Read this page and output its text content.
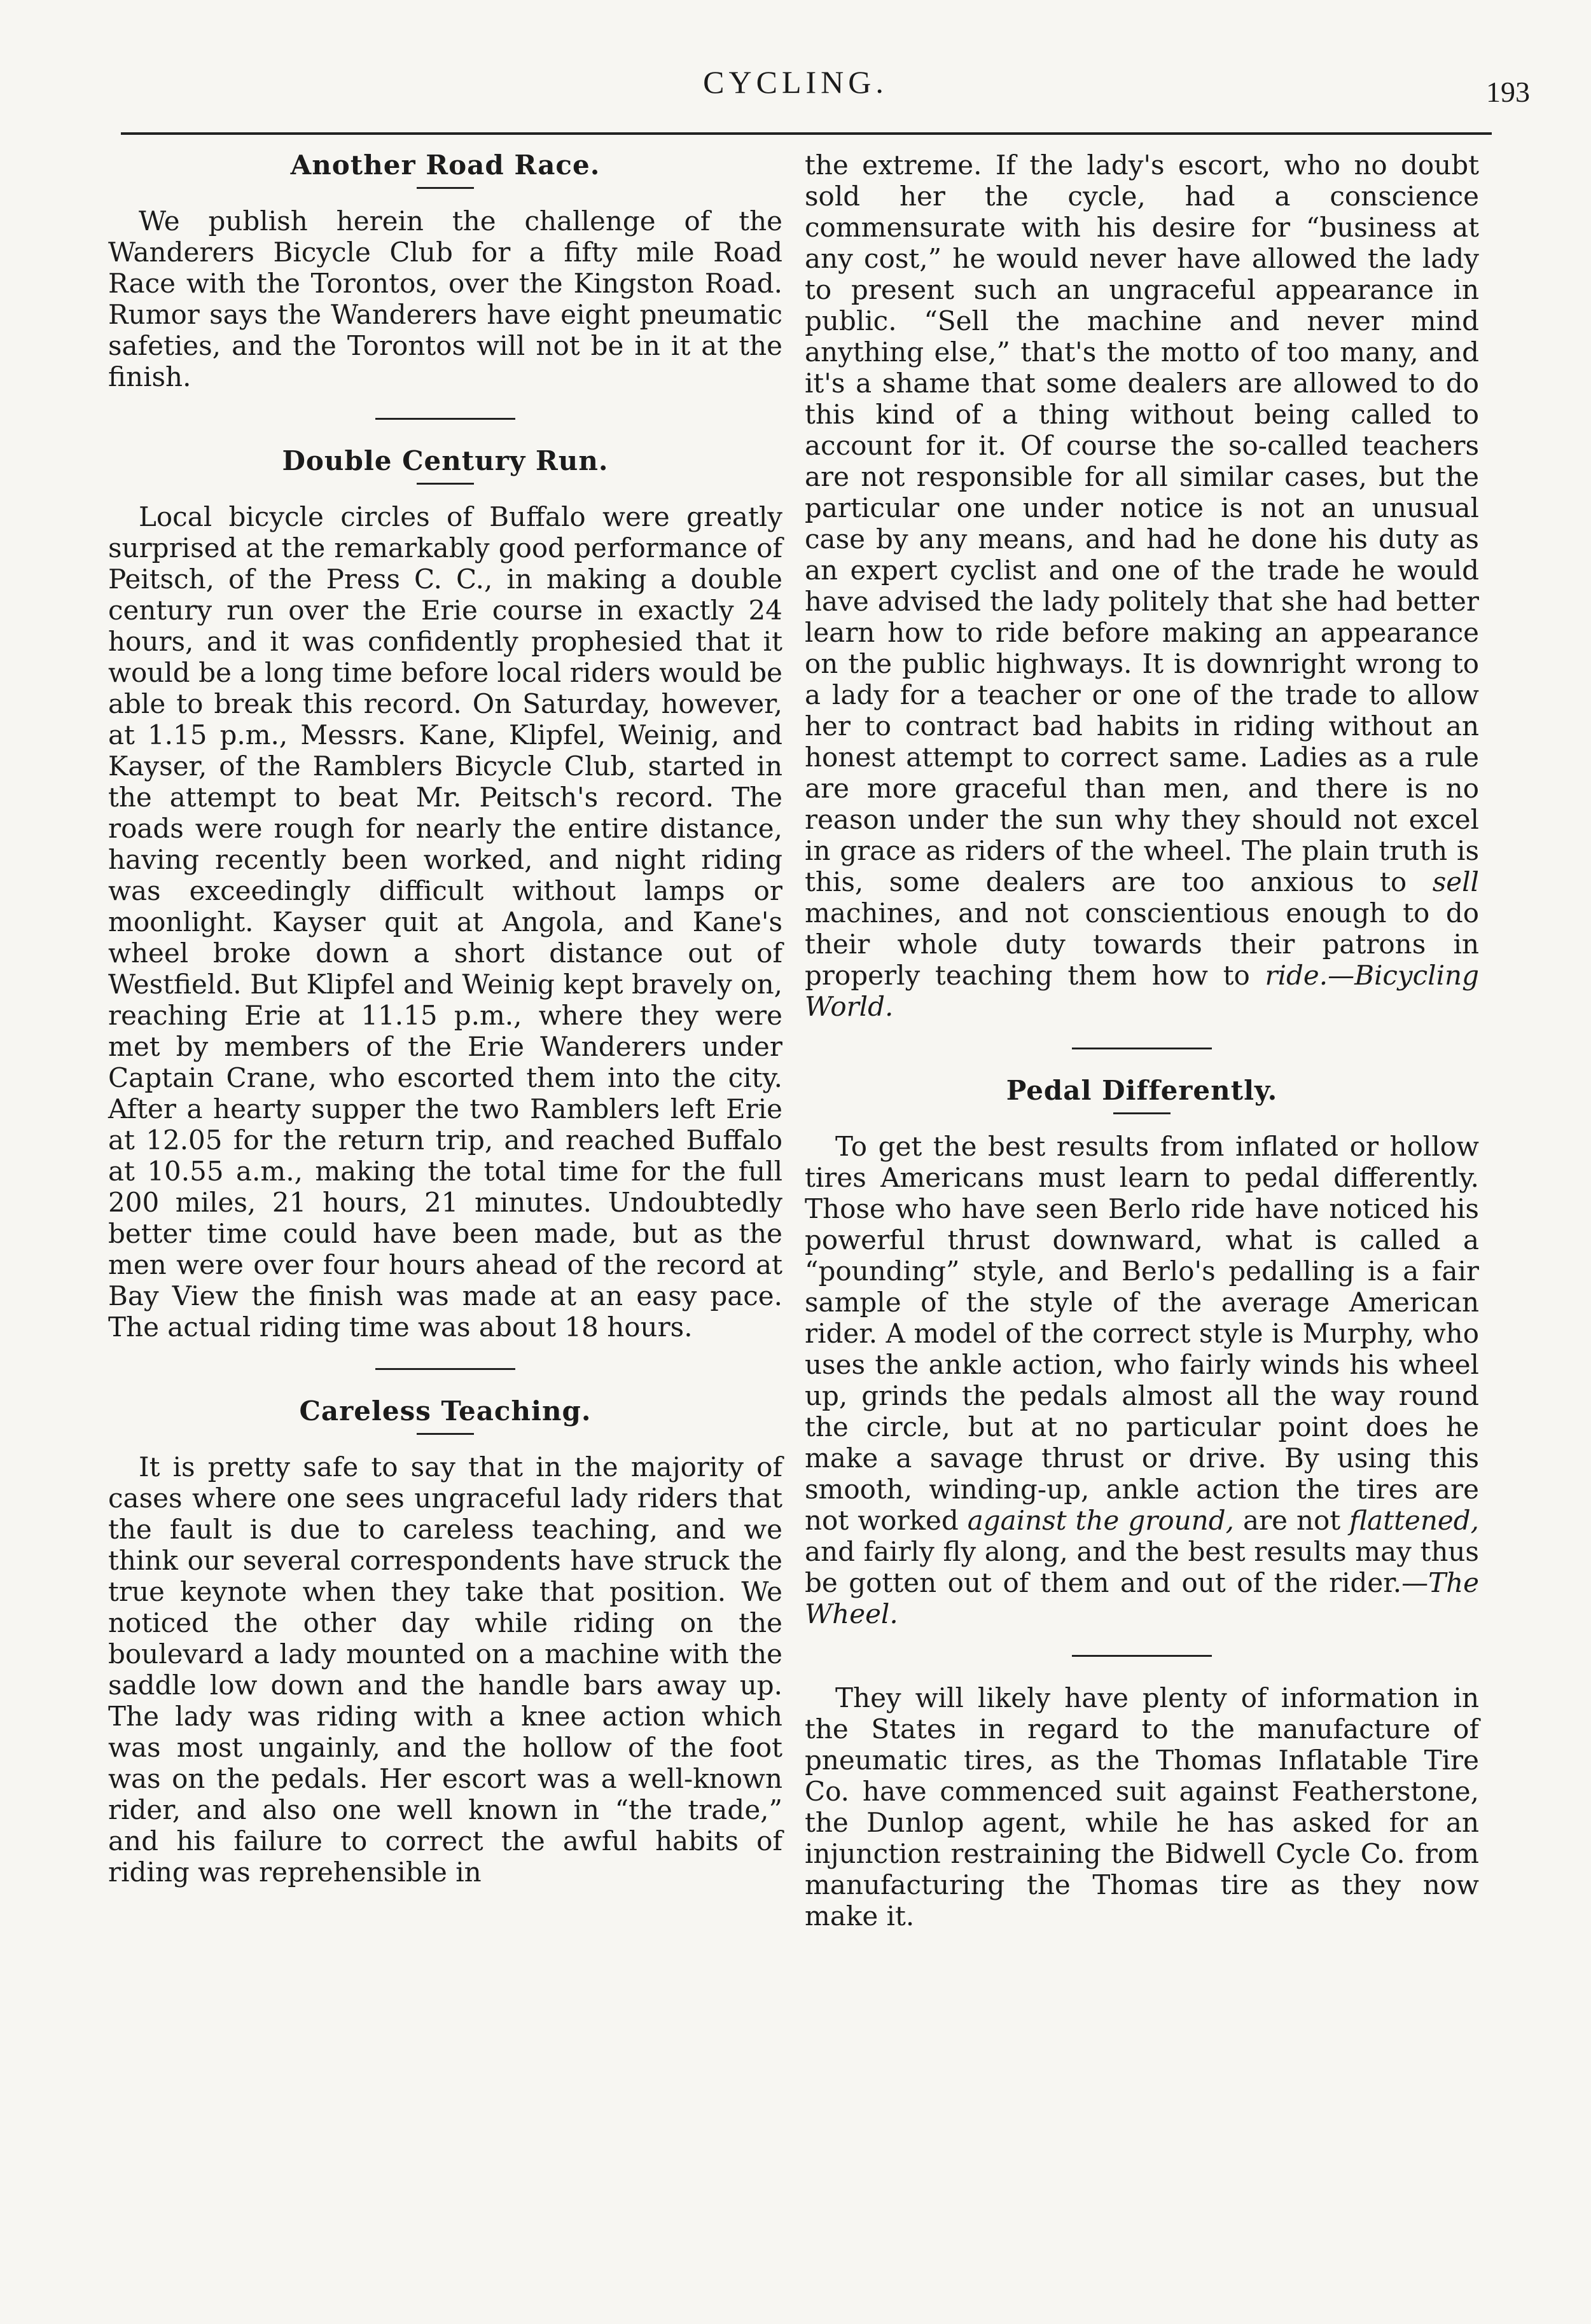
CYCLING.	193
Another Road Race.

We publish herein the challenge of the Wanderers Bicycle Club for a fifty mile Road Race with the Torontos, over the Kingston Road. Rumor says the Wanderers have eight pneumatic safeties, and the Torontos will not be in it at the finish.

Double Century Run.

Local bicycle circles of Buffalo were greatly surprised at the remarkably good performance of Peitsch, of the Press C. C., in making a double century run over the Erie course in exactly 24 hours, and it was confidently prophesied that it would be a long time before local riders would be able to break this record. On Saturday, however, at 1.15 p.m., Messrs. Kane, Klipfel, Weinig, and Kayser, of the Ramblers Bicycle Club, started in the attempt to beat Mr. Peitsch's record. The roads were rough for nearly the entire distance, having recently been worked, and night riding was exceedingly difficult without lamps or moonlight. Kayser quit at Angola, and Kane's wheel broke down a short distance out of Westfield. But Klipfel and Weinig kept bravely on, reaching Erie at 11.15 p.m., where they were met by members of the Erie Wanderers under Captain Crane, who escorted them into the city. After a hearty supper the two Ramblers left Erie at 12.05 for the return trip, and reached Buffalo at 10.55 a.m., making the total time for the full 200 miles, 21 hours, 21 minutes. Undoubtedly better time could have been made, but as the men were over four hours ahead of the record at Bay View the finish was made at an easy pace. The actual riding time was about 18 hours.

Careless Teaching.

It is pretty safe to say that in the majority of cases where one sees ungraceful lady riders that the fault is due to careless teaching, and we think our several correspondents have struck the true keynote when they take that position. We noticed the other day while riding on the boulevard a lady mounted on a machine with the saddle low down and the handle bars away up. The lady was riding with a knee action which was most ungainly, and the hollow of the foot was on the pedals. Her escort was a well-known rider, and also one well known in “the trade,” and his failure to correct the awful habits of riding was reprehensible in

the extreme. If the lady's escort, who no doubt sold her the cycle, had a conscience commensurate with his desire for “business at any cost,” he would never have allowed the lady to present such an ungraceful appearance in public. “Sell the machine and never mind anything else,” that's the motto of too many, and it's a shame that some dealers are allowed to do this kind of a thing without being called to account for it. Of course the so-called teachers are not responsible for all similar cases, but the particular one under notice is not an unusual case by any means, and had he done his duty as an expert cyclist and one of the trade he would have advised the lady politely that she had better learn how to ride before making an appearance on the public highways. It is downright wrong to a lady for a teacher or one of the trade to allow her to contract bad habits in riding without an honest attempt to correct same. Ladies as a rule are more graceful than men, and there is no reason under the sun why they should not excel in grace as riders of the wheel. The plain truth is this, some dealers are too anxious to sell machines, and not conscientious enough to do their whole duty towards their patrons in properly teaching them how to ride.—Bicycling World.

Pedal Differently.

To get the best results from inflated or hollow tires Americans must learn to pedal differently. Those who have seen Berlo ride have noticed his powerful thrust downward, what is called a “pounding” style, and Berlo's pedalling is a fair sample of the style of the average American rider. A model of the correct style is Murphy, who uses the ankle action, who fairly winds his wheel up, grinds the pedals almost all the way round the circle, but at no particular point does he make a savage thrust or drive. By using this smooth, winding-up, ankle action the tires are not worked against the ground, are not flattened, and fairly fly along, and the best results may thus be gotten out of them and out of the rider.—The Wheel.

They will likely have plenty of information in the States in regard to the manufacture of pneumatic tires, as the Thomas Inflatable Tire Co. have commenced suit against Featherstone, the Dunlop agent, while he has asked for an injunction restraining the Bidwell Cycle Co. from manufacturing the Thomas tire as they now make it.
